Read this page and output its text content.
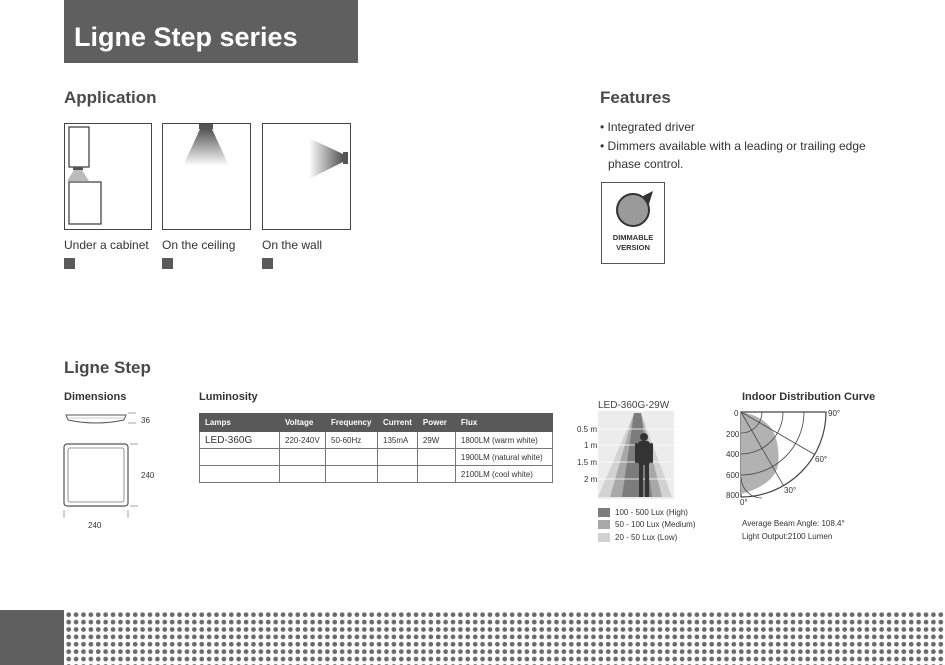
Ligne Step series
Application
Under a cabinet On the ceiling On the wall
Features
• Integrated driver
• Dimmers available with a leading or trailing edge
phase control.
DIMMABLE
VERSION
Ligne Step
Dimensions
36
240
240
Luminosity
Lamps	Voltage	Frequency	Current	Power	Flux
LED-360G	220-240V	50-60Hz	135mA	29W	1800LM (warm white)
					1900LM (natural white)
					2100LM (cool white)
LED-360G-29W
0.5 m
1 m
1.5 m
2 m
100 - 500 Lux (High)
50 - 100 Lux (Medium)
20 - 50 Lux (Low)
Indoor Distribution Curve
0
200
400
600
800
90°
60°
30°
0°
Average Beam Angle: 108.4°
Light Output:2100 Lumen
